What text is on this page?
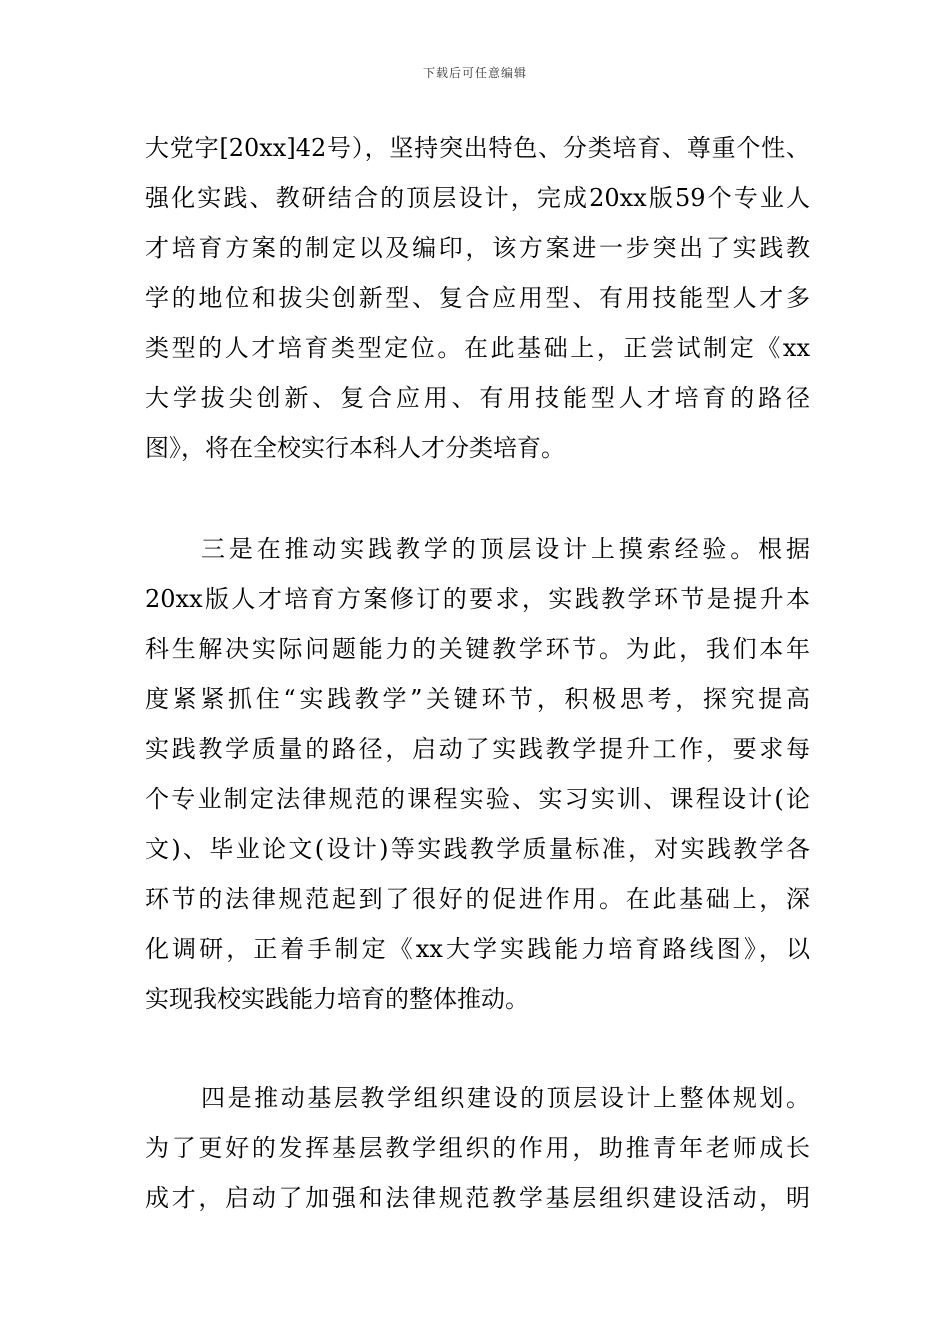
下载后可任意编辑
大党字[20xx]42号），坚持突出特色、分类培育、尊重个性、
强化实践、教研结合的顶层设计，完成20xx版59个专业人
才培育方案的制定以及编印，该方案进一步突出了实践教
学的地位和拔尖创新型、复合应用型、有用技能型人才多
类型的人才培育类型定位。在此基础上，正尝试制定《xx
大学拔尖创新、复合应用、有用技能型人才培育的路径
图》，将在全校实行本科人才分类培育。
三是在推动实践教学的顶层设计上摸索经验。根据
20xx版人才培育方案修订的要求，实践教学环节是提升本
科生解决实际问题能力的关键教学环节。为此，我们本年
度紧紧抓住“实践教学”关键环节，积极思考，探究提高
实践教学质量的路径，启动了实践教学提升工作，要求每
个专业制定法律规范的课程实验、实习实训、课程设计(论
文)、毕业论文(设计)等实践教学质量标准，对实践教学各
环节的法律规范起到了很好的促进作用。在此基础上，深
化调研，正着手制定《xx大学实践能力培育路线图》，以
实现我校实践能力培育的整体推动。
四是推动基层教学组织建设的顶层设计上整体规划。
为了更好的发挥基层教学组织的作用，助推青年老师成长
成才，启动了加强和法律规范教学基层组织建设活动，明
